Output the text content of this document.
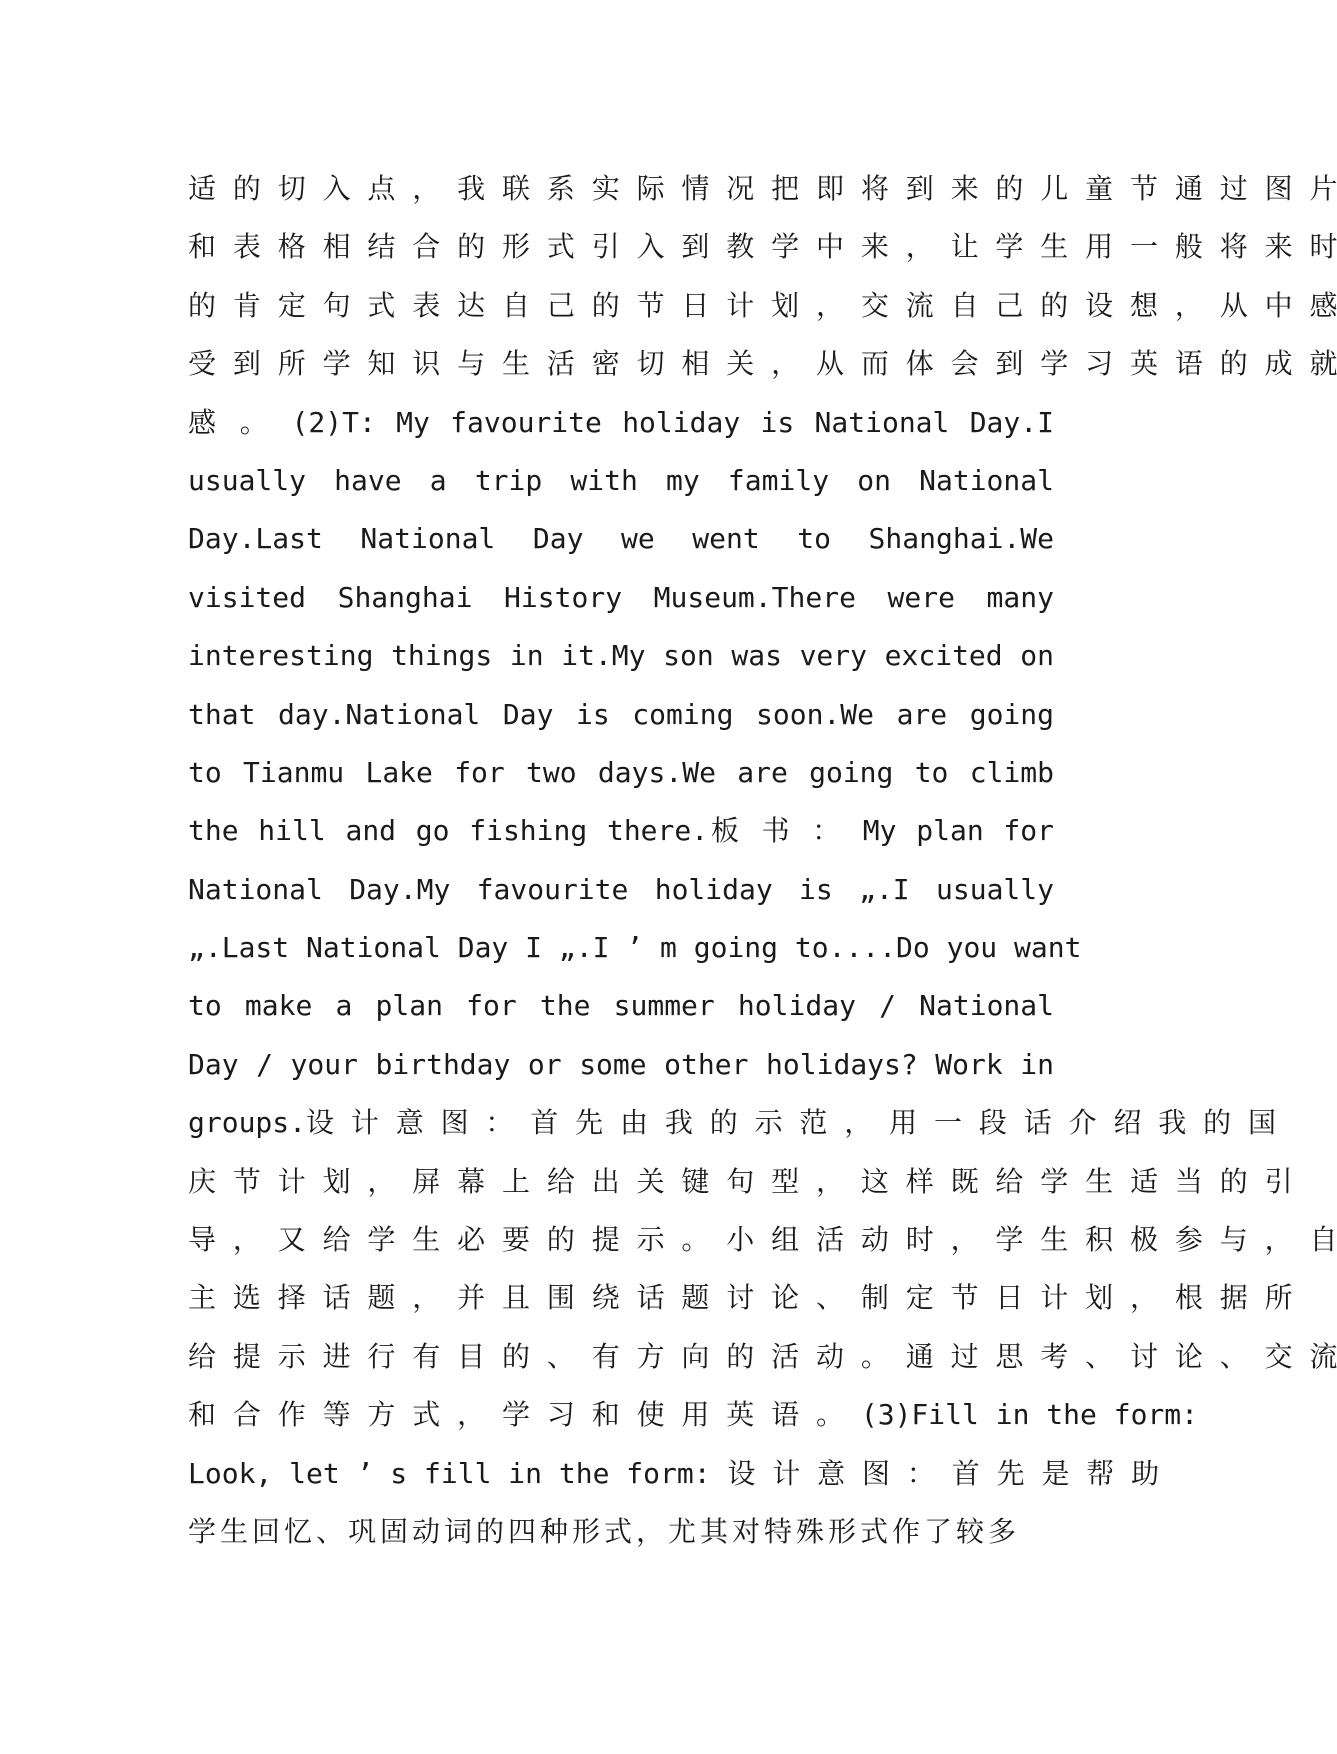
适 的 切 入 点 ， 我 联 系 实 际 情 况 把 即 将 到 来 的 儿 童 节 通 过 图 片
和 表 格 相 结 合 的 形 式 引 入 到 教 学 中 来 ， 让 学 生 用 一 般 将 来 时
的 肯 定 句 式 表 达 自 己 的 节 日 计 划 ， 交 流 自 己 的 设 想 ， 从 中 感
受 到 所 学 知 识 与 生 活 密 切 相 关 ， 从 而 体 会 到 学 习 英 语 的 成 就
感 。 (2)T: My favourite holiday is National Day.I
usually have a trip with my family on National
Day.Last National Day we went to Shanghai.We
visited Shanghai History Museum.There were many
interesting things in it.My son was very excited on
that day.National Day is coming soon.We are going
to Tianmu Lake for two days.We are going to climb
the hill and go fishing there.板 书 ： My plan for
National Day.My favourite holiday is „.I usually
„.Last National Day I „.I ’ m going to....Do you want
to make a plan for the summer holiday / National
Day / your birthday or some other holidays? Work in
groups.设 计 意 图 ： 首 先 由 我 的 示 范 ， 用 一 段 话 介 绍 我 的 国
庆 节 计 划 ， 屏 幕 上 给 出 关 键 句 型 ， 这 样 既 给 学 生 适 当 的 引
导 ， 又 给 学 生 必 要 的 提 示 。 小 组 活 动 时 ， 学 生 积 极 参 与 ， 自
主 选 择 话 题 ， 并 且 围 绕 话 题 讨 论 、 制 定 节 日 计 划 ， 根 据 所
给 提 示 进 行 有 目 的 、 有 方 向 的 活 动 。 通 过 思 考 、 讨 论 、 交 流
和 合 作 等 方 式 ， 学 习 和 使 用 英 语 。 (3)Fill in the form:
Look, let ’ s fill in the form: 设 计 意 图 ： 首 先 是 帮 助
学生回忆、巩固动词的四种形式，尤其对特殊形式作了较多
